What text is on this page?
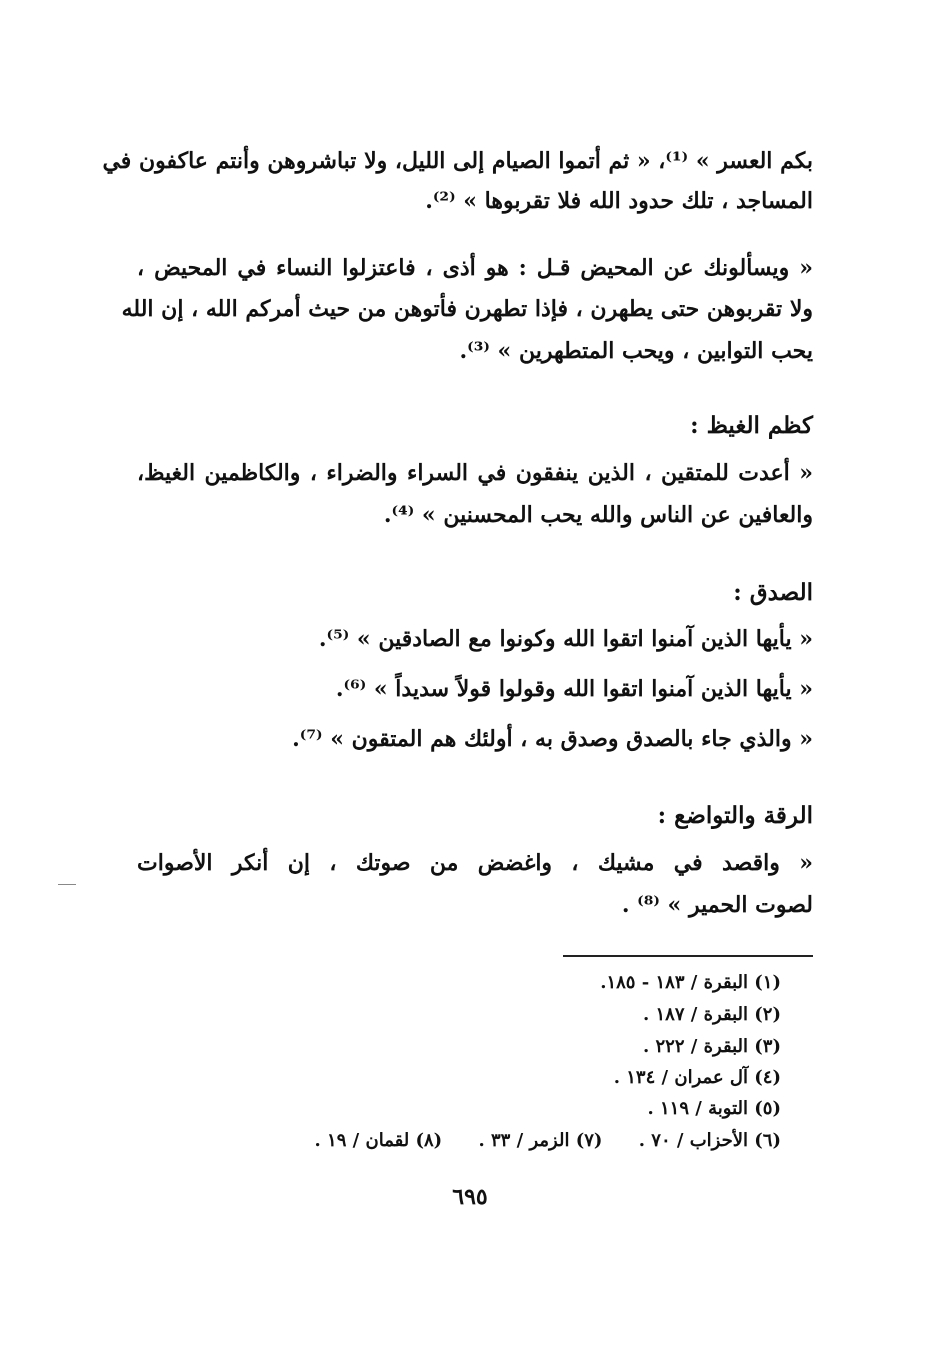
بكم العسر » ⁽¹⁾، « ثم أتموا الصيام إلى الليل، ولا تباشروهن وأنتم عاكفون في
المساجد ، تلك حدود الله فلا تقربوها » ⁽²⁾.
« ويسألونك عن المحيض قـل : هو أذى ، فاعتزلوا النساء في المحيض ،
ولا تقربوهن حتى يطهرن ، فإذا تطهرن فأتوهن من حيث أمركم الله ، إن الله
يحب التوابين ، ويحب المتطهرين » ⁽³⁾.
كظم الغيظ :
« أعدت للمتقين ، الذين ينفقون في السراء والضراء ، والكاظمين الغيظ،
والعافين عن الناس والله يحب المحسنين » ⁽⁴⁾.
الصدق :
« يأيها الذين آمنوا اتقوا الله وكونوا مع الصادقين » ⁽⁵⁾.
« يأيها الذين آمنوا اتقوا الله وقولوا قولاً سديداً » ⁽⁶⁾.
« والذي جاء بالصدق وصدق به ، أولئك هم المتقون » ⁽⁷⁾.
الرقة والتواضع :
« واقصد في مشيك ، واغضض من صوتك ، إن أنكر الأصوات
لصوت الحمير » ⁽⁸⁾ .
(١) البقرة / ١٨٣ - ١٨٥.
(٢) البقرة / ١٨٧ .
(٣) البقرة / ٢٢٢ .
(٤) آل عمران / ١٣٤ .
(٥) التوبة / ١١٩ .
(٦) الأحزاب / ٧٠ . (٧) الزمر / ٣٣ . (٨) لقمان / ١٩ .
٦٩٥
